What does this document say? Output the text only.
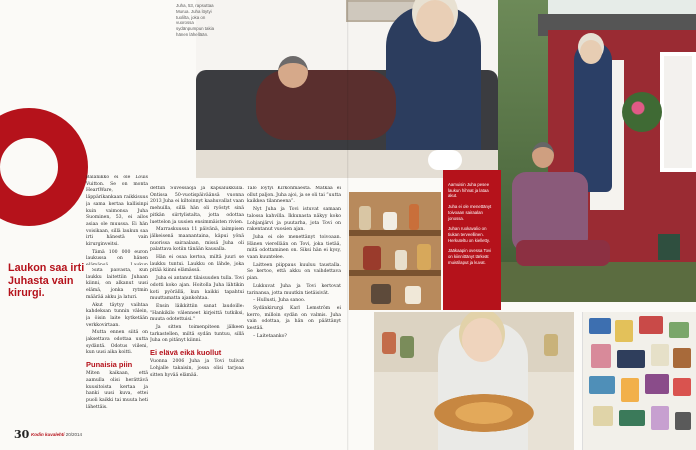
Juha, 53, rapsuttaa Murua. Juha löytyi tuolilta, joka on vuorossa sydänpumpun takia hänen lähellään.

Aamuisin Juha pesee laukun hihnat ja lataa akut.

Juha ei ole menettänyt toivoaan sairaalan jonossa.

Juhan ruokavalio on tiukan terveellinen. Herkuteltu on kielletty.

Jääkaapin ovessa Tovi on kiinnittänyt tärkeät muistilaput ja kuvat.

Laukon saa irti Juhasta vain kirurgi.

Balanikko ei ole Louis Vuitton. Se on monta HeartWare, läppärikankaan raikkisuus ja sama kertaa kallisinpi kuin vaimonsa Juha Suominen, 53, ei ailos asiaa ole muussa. Ei hän voisikaan, sillä laukun saa irti hänestä vain kirurginveitsi.

Tämä 100 000 euron laukussa on hänen

Siitä päivästä, kun laukku laitettiin Juhaan kiinni, on alkanut uusi elämä, jonka rytmin määrää akku ja laturi.

Akut täytyy vaihtaa kahdeksan tunnin välein, ja öisin laite kytketään verkkovirtaan.

Mutta ennen siitä on jaksettava odottaa uutta sydäntä. Odotus viileni, kun uusi aika koitti.

Punaisia piin

Miten kaikaan, että aamulla olisi herättävä kuusitoista kertaa ja hanki uusi kuva, ettei puoli kaikki tai muuta heti lähettäis.

dettiin Suvessaoja ja käpsälukkulla. Ontissa 50-vuotispäiväänsä vuonna 2013 Juha ei kiltoinnyt kaahuvallat vaan mehuilla, sillä hän oli ryöstyt sinä pitkän siirtylistalta, jotta odottaa luettelon ja uusien ensimmäisten rivien.

Marraskuussa 11 päivänä, iaimpisen jälkeisenä maanantaina, käpui yönä nuorissa sairaalaan, missä Juha oli palattava kotiin tänään kausalla.

Hän ei osaa kertoa, miltä juuri se laukku tuntui. Laukku on lähde, joka pitää kiinni elämässä.

Juha ei antanut tilaisuuden tulla. Tovi odotti koko ajan. Hoitolla Juha lähtikin koti pyörällä, kun kaikki tapahtui muuttamatta ajankohtaa.

Ensin läikkittiin sanat laudoille: "Hankikilo välenneet kirjeittä tutkiksi, muuta odotettuisi."

Ja sitten toimenpiteen jälkeen tarkastellen, miltä sydän tuntuu, sillä Juha on pitänyt kiinni.

Ei elävä eikä kuollut

Vuonna 2006 Juha ja Tovi tulivat Lohjalle takaisin, jossa olisi tarjoaa sitten hyvää elämää.

Talo löytyi Kirkonmäestä. Matkaa ei ollut paljon. Juha ajoi, ja se oli tai ”uutta kaikkea tilanneena”.

Nyt Juha ja Tovi istuvat samaan talossa kahvilla. Ikkunasta näkyy koko Lohjanjärvi ja puutarha, jota Tovi on rakentanut vuosien ajan.

Juha ei ole menettänyt toivoaan. Hänen vierellään on Tovi, joka tietää, mitä odottaminen on. Siksi hän ei kysy, vaan kuuntelee.

Laitteen piippaus kuuluu taustalla. Se kertoo, että akku on vaihdettava pian.

Lukkuvat Juha ja Tovi kertovat tarinansa, jotta muutkin tietäisivät.

– Hullusti, Juha sanoo.

Sydänkirurgi Karl Lemström ei kerro, milloin sydän on valmis. Juha vain odottaa, ja hän on päättänyt kestää.

– Laitetaanko?

30 Kodin kuvalehti 20/2014
